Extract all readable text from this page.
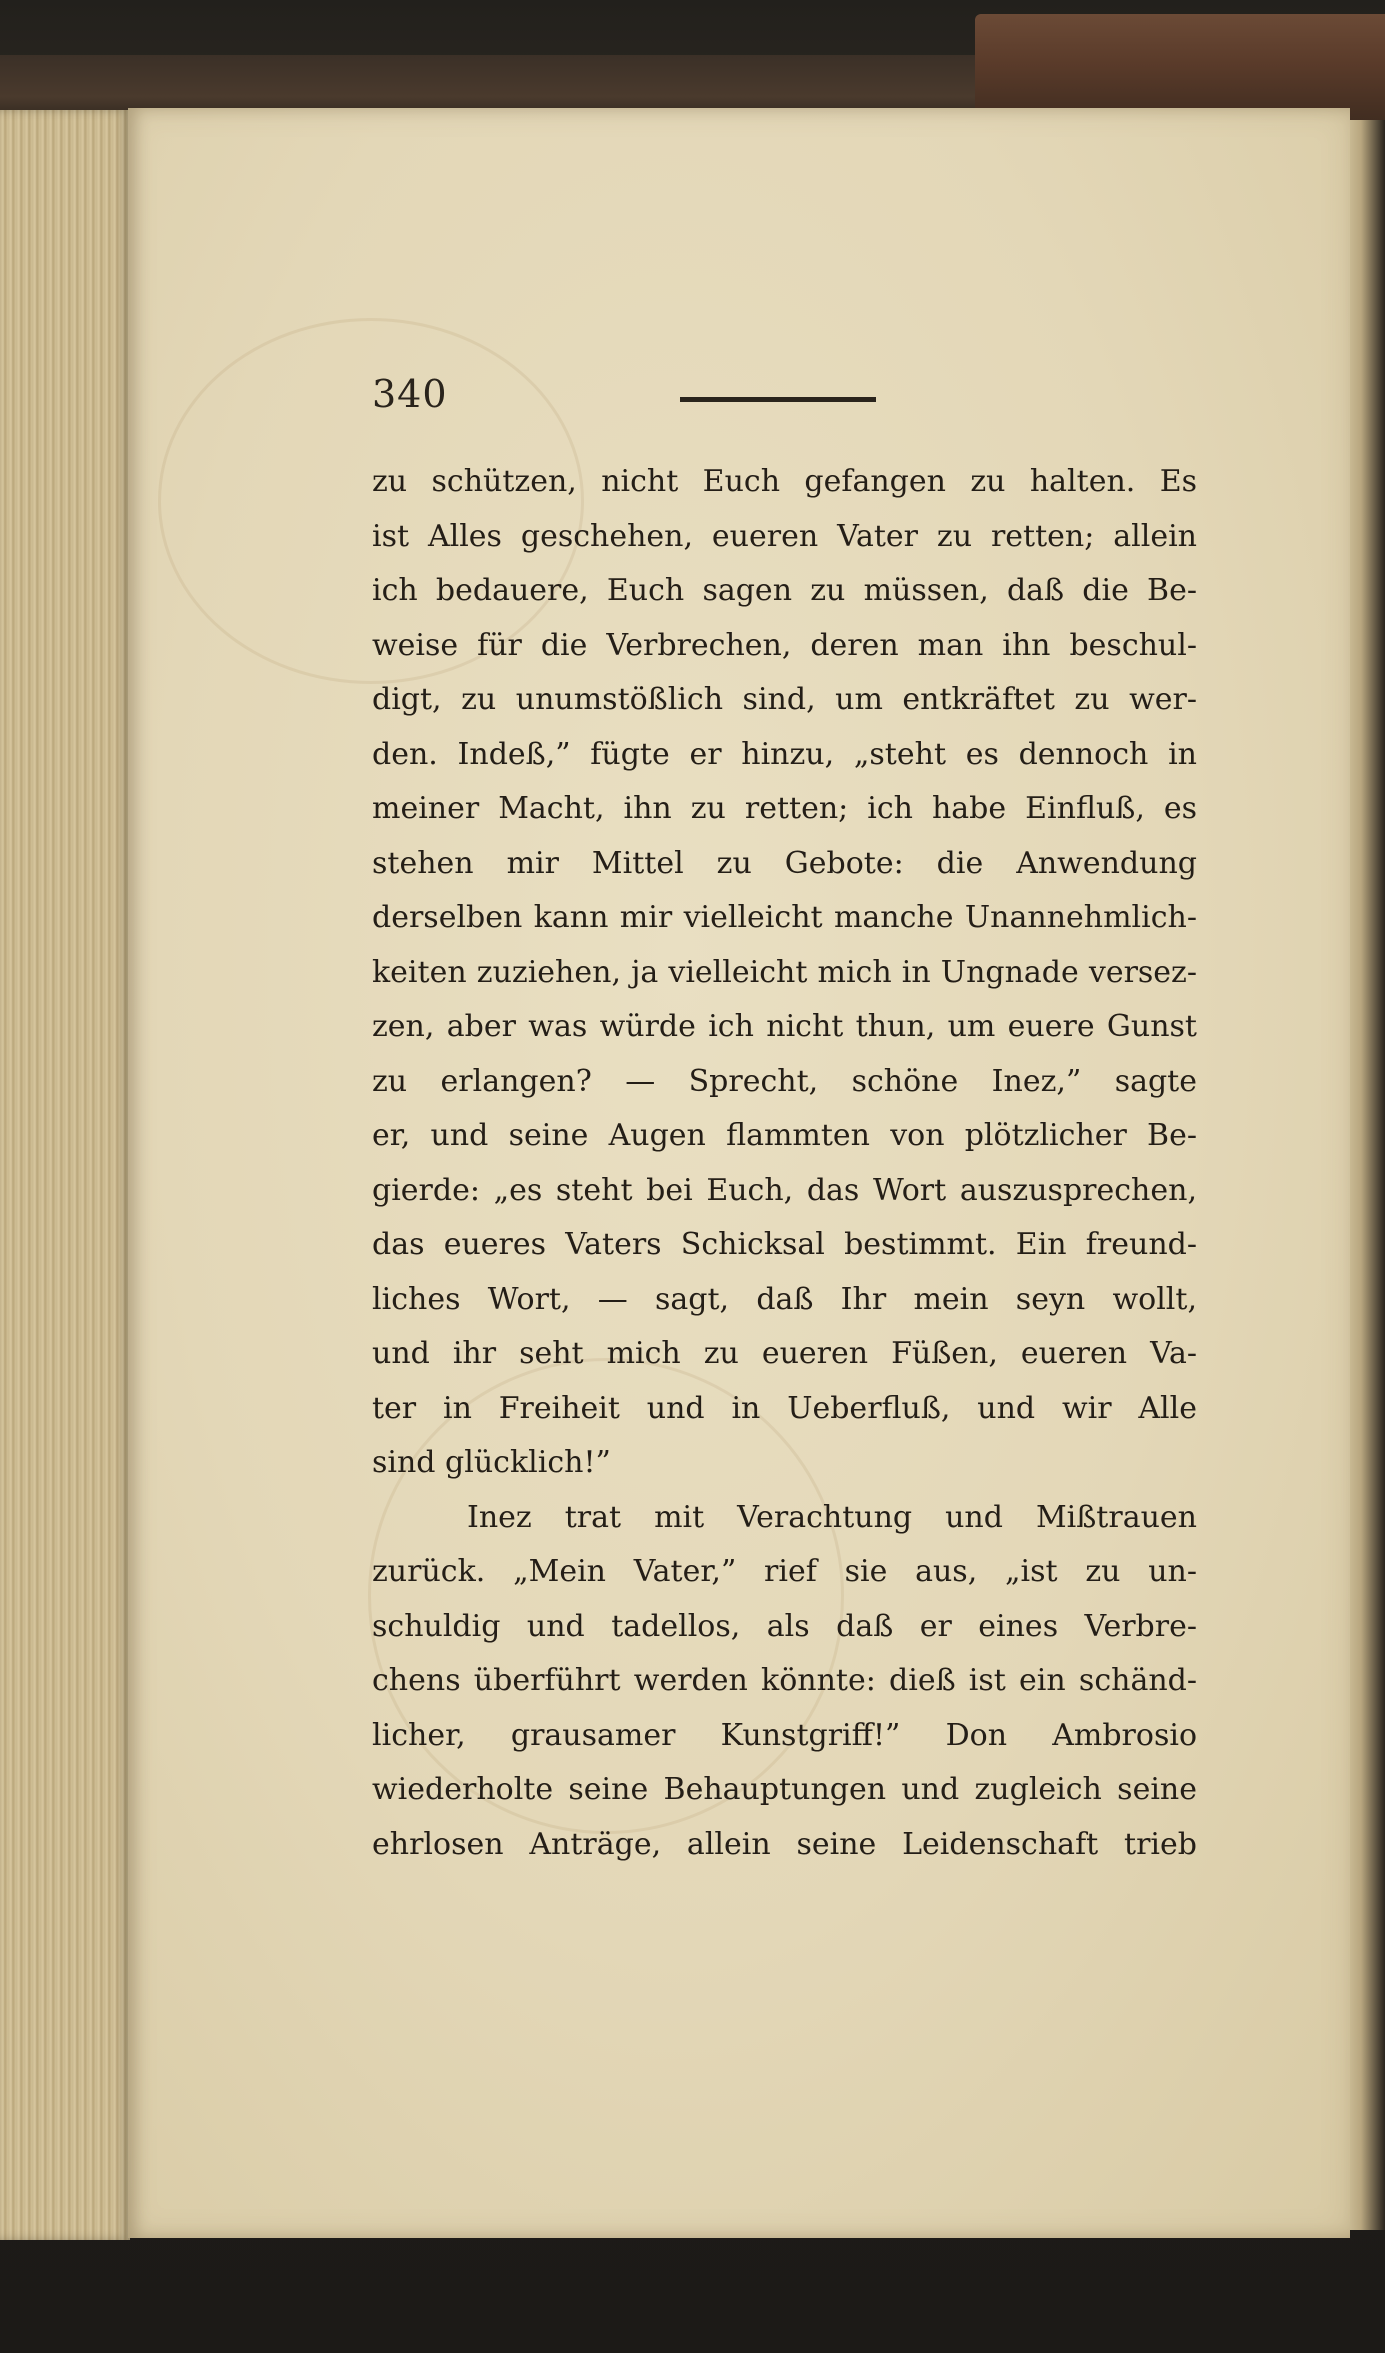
340
zu schützen, nicht Euch gefangen zu halten. Es
ist Alles geschehen, eueren Vater zu retten; allein
ich bedauere, Euch sagen zu müssen, daß die Be-
weise für die Verbrechen, deren man ihn beschul-
digt, zu unumstößlich sind, um entkräftet zu wer-
den. Indeß,” fügte er hinzu, „steht es dennoch in
meiner Macht, ihn zu retten; ich habe Einfluß, es
stehen mir Mittel zu Gebote: die Anwendung
derselben kann mir vielleicht manche Unannehmlich-
keiten zuziehen, ja vielleicht mich in Ungnade versez-
zen, aber was würde ich nicht thun, um euere Gunst
zu erlangen? — Sprecht, schöne Inez,” sagte
er, und seine Augen flammten von plötzlicher Be-
gierde: „es steht bei Euch, das Wort auszusprechen,
das eueres Vaters Schicksal bestimmt. Ein freund-
liches Wort, — sagt, daß Ihr mein seyn wollt,
und ihr seht mich zu eueren Füßen, eueren Va-
ter in Freiheit und in Ueberfluß, und wir Alle
sind glücklich!”
Inez trat mit Verachtung und Mißtrauen
zurück. „Mein Vater,” rief sie aus, „ist zu un-
schuldig und tadellos, als daß er eines Verbre-
chens überführt werden könnte: dieß ist ein schänd-
licher, grausamer Kunstgriff!” Don Ambrosio
wiederholte seine Behauptungen und zugleich seine
ehrlosen Anträge, allein seine Leidenschaft trieb
